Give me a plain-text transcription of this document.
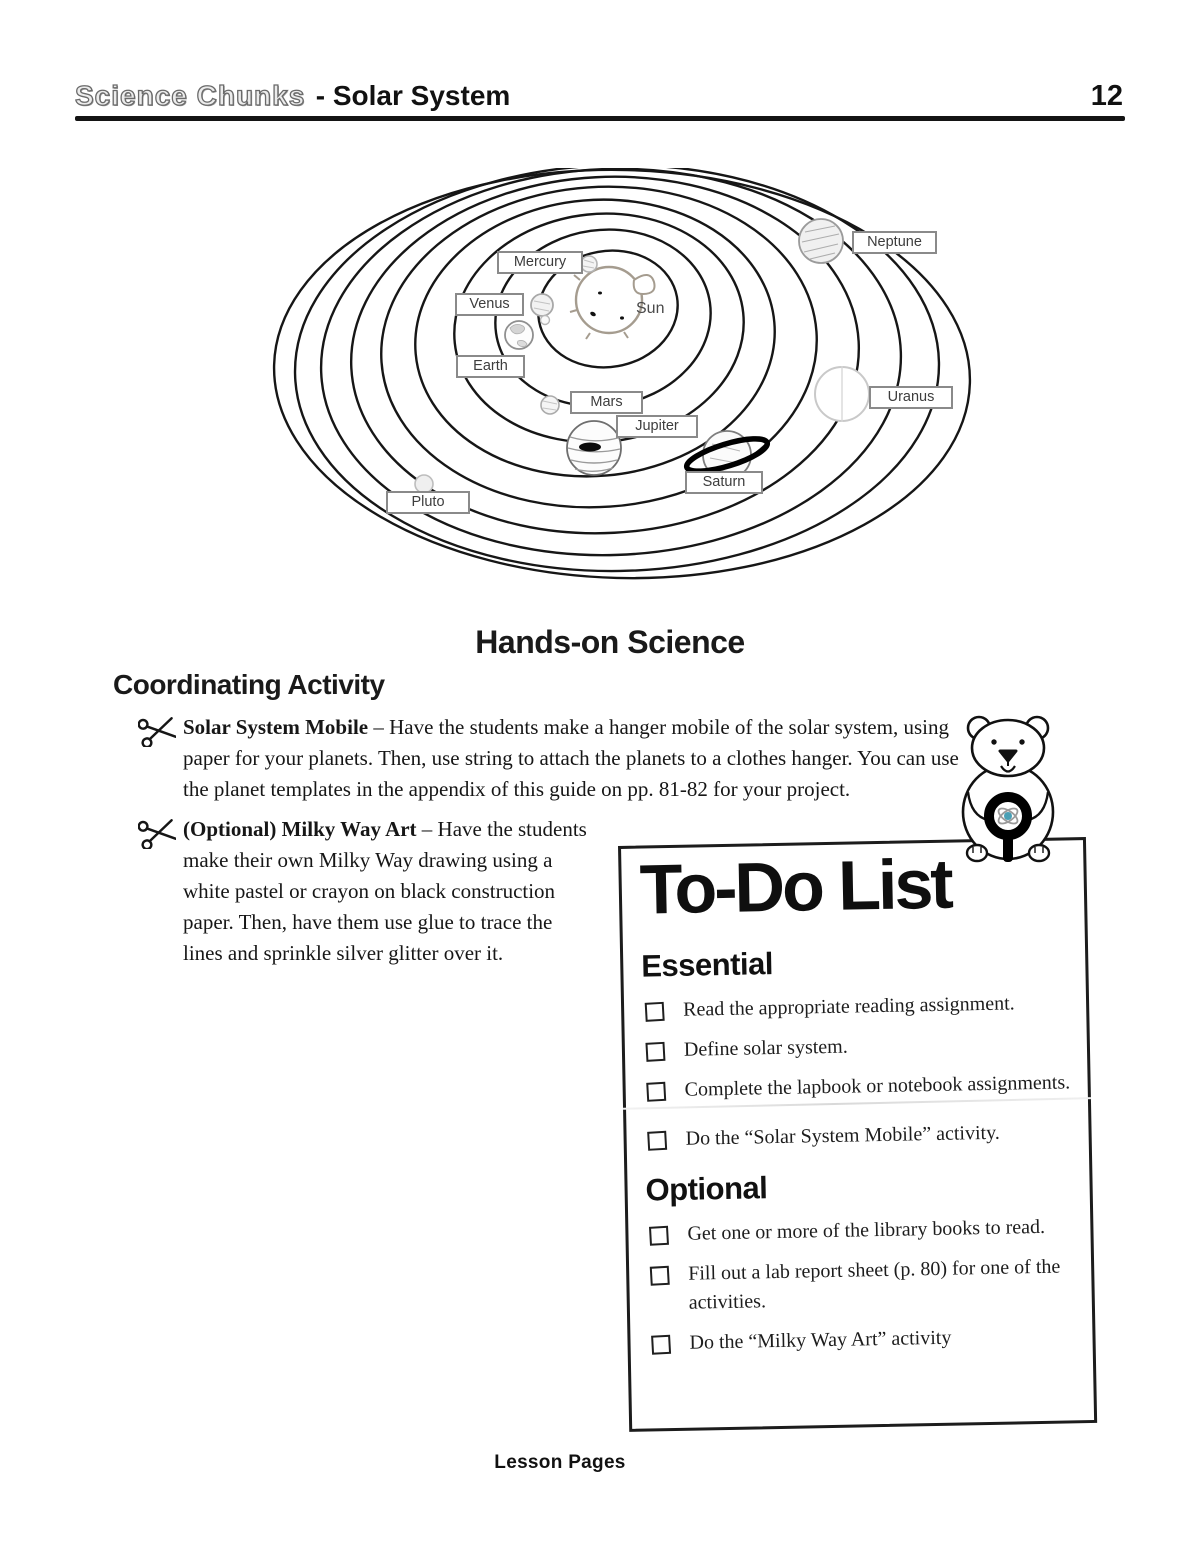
Science Chunks - Solar System	12
Mercury
Venus	Sun
Earth
Mars
Jupiter
Saturn
Pluto
Uranus
Neptune
Hands-on Science
Coordinating Activity
Solar System Mobile – Have the students make a hanger mobile of the solar system, using paper for your planets. Then, use string to attach the planets to a clothes hanger. You can use the planet templates in the appendix of this guide on pp. 81-82 for your project.
(Optional) Milky Way Art – Have the students make their own Milky Way drawing using a white pastel or crayon on black construction paper. Then, have them use glue to trace the lines and sprinkle silver glitter over it.
To-Do List
Essential
Read the appropriate reading assignment.
Define solar system.
Complete the lapbook or notebook assignments.
Do the “Solar System Mobile” activity.
Optional
Get one or more of the library books to read.
Fill out a lab report sheet (p. 80) for one of the activities.
Do the “Milky Way Art” activity
Lesson Pages
